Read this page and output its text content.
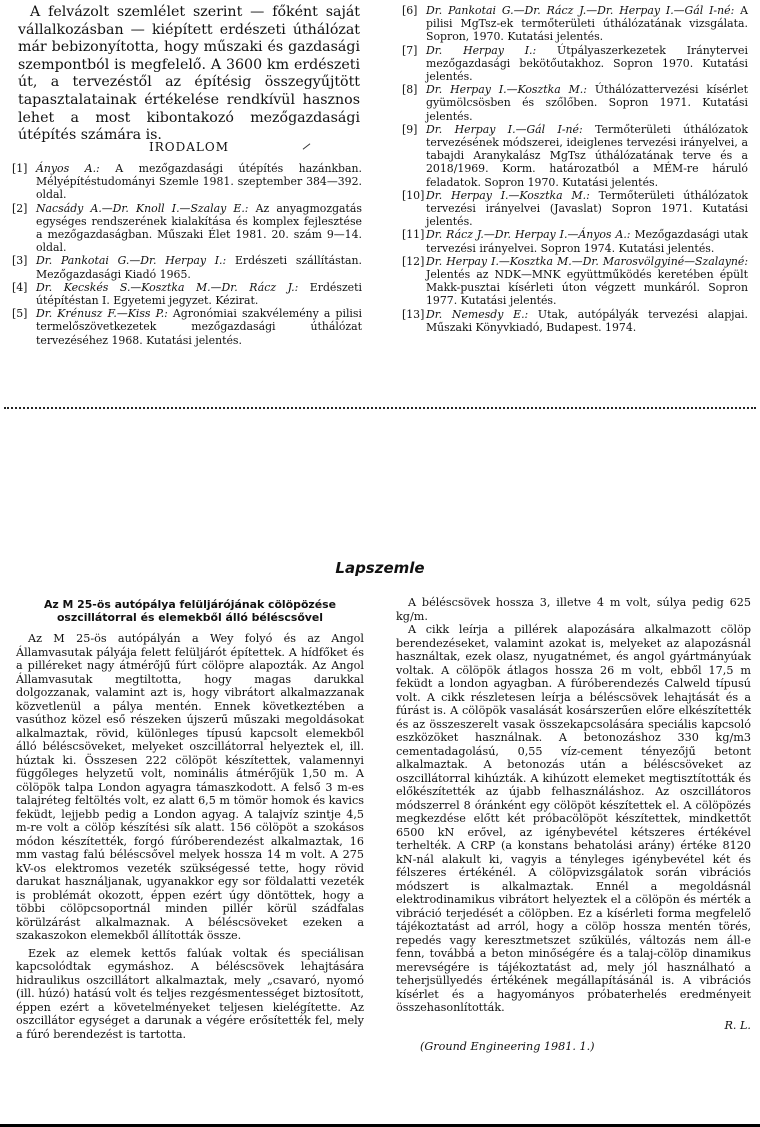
A felvázolt szemlélet szerint — főként saját vállalkozásban — kiépített erdészeti úthálózat már bebizonyította, hogy műszaki és gazdasági szempontból is megfelelő. A 3600 km erdészeti út, a tervezéstől az építésig összegyűjtött tapasztalatainak értékelése rendkívül hasznos lehet a most kibontakozó mezőgazdasági útépítés számára is.

IRODALOM
[1] Ányos A.: A mezőgazdasági útépítés hazánkban. Mélyépítéstudományi Szemle 1981. szeptember 384—392. oldal.
[2] Nacsády A.—Dr. Knoll I.—Szalay E.: Az anyagmozgatás egységes rendszerének kialakítása és komplex fejlesztése a mezőgazdaságban. Műszaki Élet 1981. 20. szám 9—14. oldal.
[3] Dr. Pankotai G.—Dr. Herpay I.: Erdészeti szállítástan. Mezőgazdasági Kiadó 1965.
[4] Dr. Kecskés S.—Kosztka M.—Dr. Rácz J.: Erdészeti útépítéstan I. Egyetemi jegyzet. Kézirat.
[5] Dr. Krénusz F.—Kiss P.: Agronómiai szakvélemény a pilisi termelőszövetkezetek mezőgazdasági úthálózat tervezéséhez 1968. Kutatási jelentés.
[6] Dr. Pankotai G.—Dr. Rácz J.—Dr. Herpay I.—Gál I-né: A pilisi MgTsz-ek termőterületi úthálózatának vizsgálata. Sopron, 1970. Kutatási jelentés.
[7] Dr. Herpay I.: Útpályaszerkezetek Iránytervei mezőgazdasági bekötőutakhoz. Sopron 1970. Kutatási jelentés.
[8] Dr. Herpay I.—Kosztka M.: Úthálózattervezési kísérlet gyümölcsösben és szőlőben. Sopron 1971. Kutatási jelentés.
[9] Dr. Herpay I.—Gál I-né: Termőterületi úthálózatok tervezésének módszerei, ideiglenes tervezési irányelvei, a tabajdi Aranykalász MgTsz úthálózatának terve és a 2018/1969. Korm. határozatból a MÉM-re háruló feladatok. Sopron 1970. Kutatási jelentés.
[10] Dr. Herpay I.—Kosztka M.: Termőterületi úthálózatok tervezési irányelvei (Javaslat) Sopron 1971. Kutatási jelentés.
[11] Dr. Rácz J.—Dr. Herpay I.—Ányos A.: Mezőgazdasági utak tervezési irányelvei. Sopron 1974. Kutatási jelentés.
[12] Dr. Herpay I.—Kosztka M.—Dr. Marosvölgyiné—Szalayné: Jelentés az NDK—MNK együttműködés keretében épült Makk-pusztai kísérleti úton végzett munkáról. Sopron 1977. Kutatási jelentés.
[13] Dr. Nemesdy E.: Utak, autópályák tervezési alapjai. Műszaki Könyvkiadó, Budapest. 1974.
Lapszemle

Az M 25-ös autópálya felüljárójának cölöpözése oszcillátorral és elemekből álló béléscsővel

Az M 25-ös autópályán a Wey folyó és az Angol Államvasutak pályája felett felüljárót építettek. A hídfőket és a pilléreket nagy átmérőjű fúrt cölöpre alapozták. Az Angol Államvasutak megtiltotta, hogy magas darukkal dolgozzanak, valamint azt is, hogy vibrátort alkalmazzanak közvetlenül a pálya mentén. Ennek következtében a vasúthoz közel eső részeken újszerű műszaki megoldásokat alkalmaztak, rövid, különleges típusú kapcsolt elemekből álló béléscsöveket, melyeket oszcillátorral helyeztek el, ill. húztak ki. Összesen 222 cölöpöt készítettek, valamennyi függőleges helyzetű volt, nominális átmérőjük 1,50 m. A cölöpök talpa London agyagra támaszkodott. A felső 3 m-es talajréteg feltöltés volt, ez alatt 6,5 m tömör homok és kavics feküdt, lejjebb pedig a London agyag. A talajvíz szintje 4,5 m-re volt a cölöp készítési sík alatt. 156 cölöpöt a szokásos módon készítették, forgó fúróberendezést alkalmaztak, 16 mm vastag falú béléscsővel melyek hossza 14 m volt. A 275 kV-os elektromos vezeték szükségessé tette, hogy rövid darukat használjanak, ugyanakkor egy sor földalatti vezeték is problémát okozott, éppen ezért úgy döntöttek, hogy a többi cölöpcsoportnál minden pillér körül szádfalas körülzárást alkalmaznak. A béléscsöveket ezeken a szakaszokon elemekből állították össze.

Ezek az elemek kettős falúak voltak és speciálisan kapcsolódtak egymáshoz. A béléscsövek lehajtására hidraulikus oszcillátort alkalmaztak, mely „csavaró, nyomó (ill. húzó) hatású volt és teljes rezgésmentességet biztosított, éppen ezért a követelményeket teljesen kielégítette. Az oszcillátor egységet a darunak a végére erősítették fel, mely a fúró berendezést is tartotta.

A béléscsövek hossza 3, illetve 4 m volt, súlya pedig 625 kg/m.

A cikk leírja a pillérek alapozására alkalmazott cölöp berendezéseket, valamint azokat is, melyeket az alapozásnál használtak, ezek olasz, nyugatnémet, és angol gyártmányúak voltak. A cölöpök átlagos hossza 26 m volt, ebből 17,5 m feküdt a london agyagban. A fúróberendezés Calweld típusú volt. A cikk részletesen leírja a béléscsövek lehajtását és a fúrást is. A cölöpök vasalását kosárszerűen előre elkészítették és az összeszerelt vasak összekapcsolására speciális kapcsoló eszközöket használnak. A betonozáshoz 330 kg/m3 cementadagolású, 0,55 víz-cement tényezőjű betont alkalmaztak. A betonozás után a béléscsöveket az oszcillátorral kihúzták. A kihúzott elemeket megtisztították és előkészítették az újabb felhasználáshoz. Az oszcillátoros módszerrel 8 óránként egy cölöpöt készítettek el. A cölöpözés megkezdése előtt két próbacölöpöt készítettek, mindkettőt 6500 kN erővel, az igénybevétel kétszeres értékével terhelték. A CRP (a konstans behatolási arány) értéke 8120 kN-nál alakult ki, vagyis a tényleges igénybevétel két és félszeres értékénél. A cölöpvizsgálatok során vibrációs módszert is alkalmaztak. Ennél a megoldásnál elektrodinamikus vibrátort helyeztek el a cölöpön és mérték a vibráció terjedését a cölöpben. Ez a kísérleti forma megfelelő tájékoztatást ad arról, hogy a cölöp hossza mentén törés, repedés vagy keresztmetszet szűkülés, változás nem áll-e fenn, továbbá a beton minőségére és a talaj-cölöp dinamikus merevségére is tájékoztatást ad, mely jól használható a teherjsüllyedés értékének megállapításánál is. A vibrációs kísérlet és a hagyományos próbaterhelés eredményeit összehasonlították.

R. L.

(Ground Engineering 1981. 1.)
